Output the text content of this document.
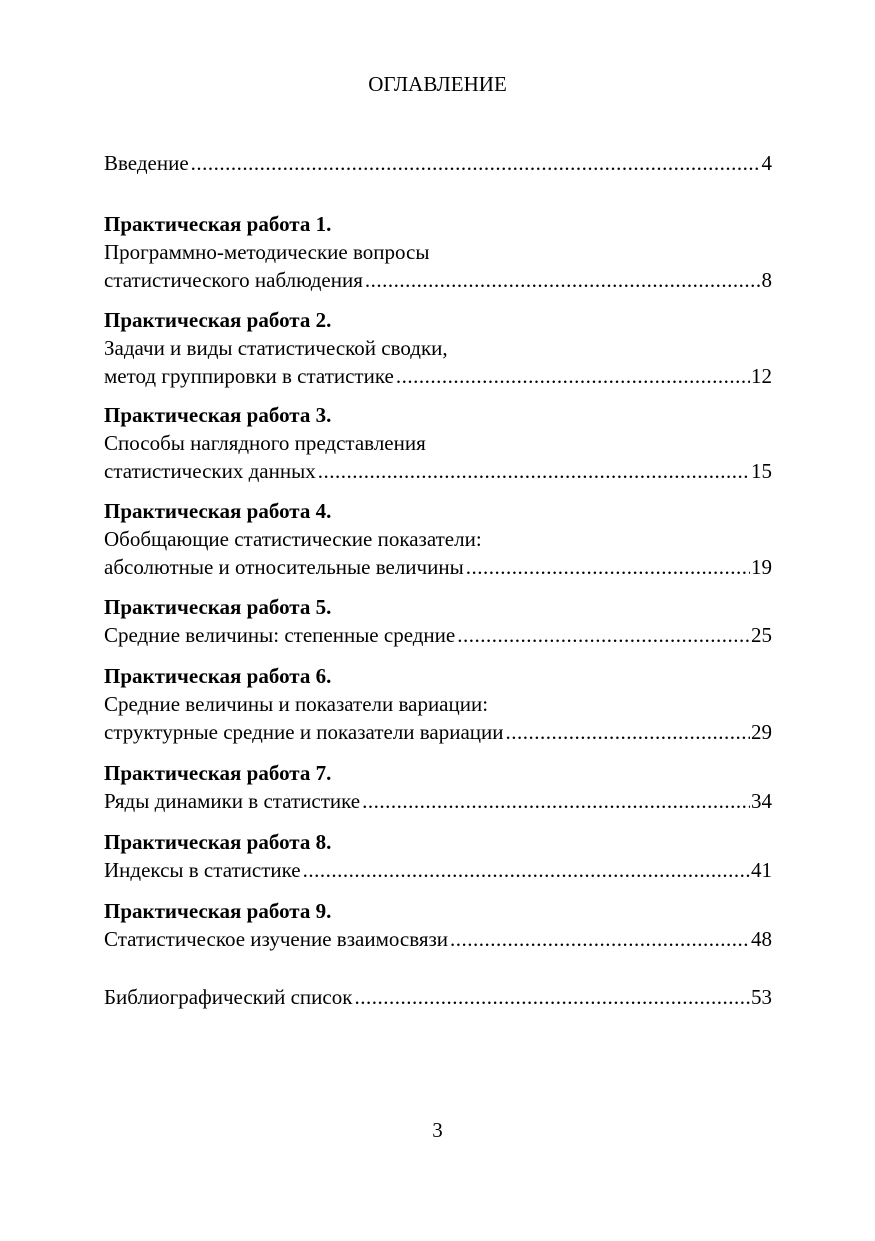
ОГЛАВЛЕНИЕ
Введение .....	4
Практическая работа 1.
Программно-методические вопросы
статистического наблюдения .....	8
Практическая работа 2.
Задачи и виды статистической сводки,
метод группировки в статистике .....	12
Практическая работа 3.
Способы наглядного представления
статистических данных .....	15
Практическая работа 4.
Обобщающие статистические показатели:
абсолютные и относительные величины .....	19
Практическая работа 5.
Средние величины: степенные средние .....	25
Практическая работа 6.
Средние величины и показатели вариации:
структурные средние и показатели вариации .....	29
Практическая работа 7.
Ряды динамики в статистике .....	34
Практическая работа 8.
Индексы в статистике .....	41
Практическая работа 9.
Статистическое изучение взаимосвязи .....	48
Библиографический список .....	53
3
